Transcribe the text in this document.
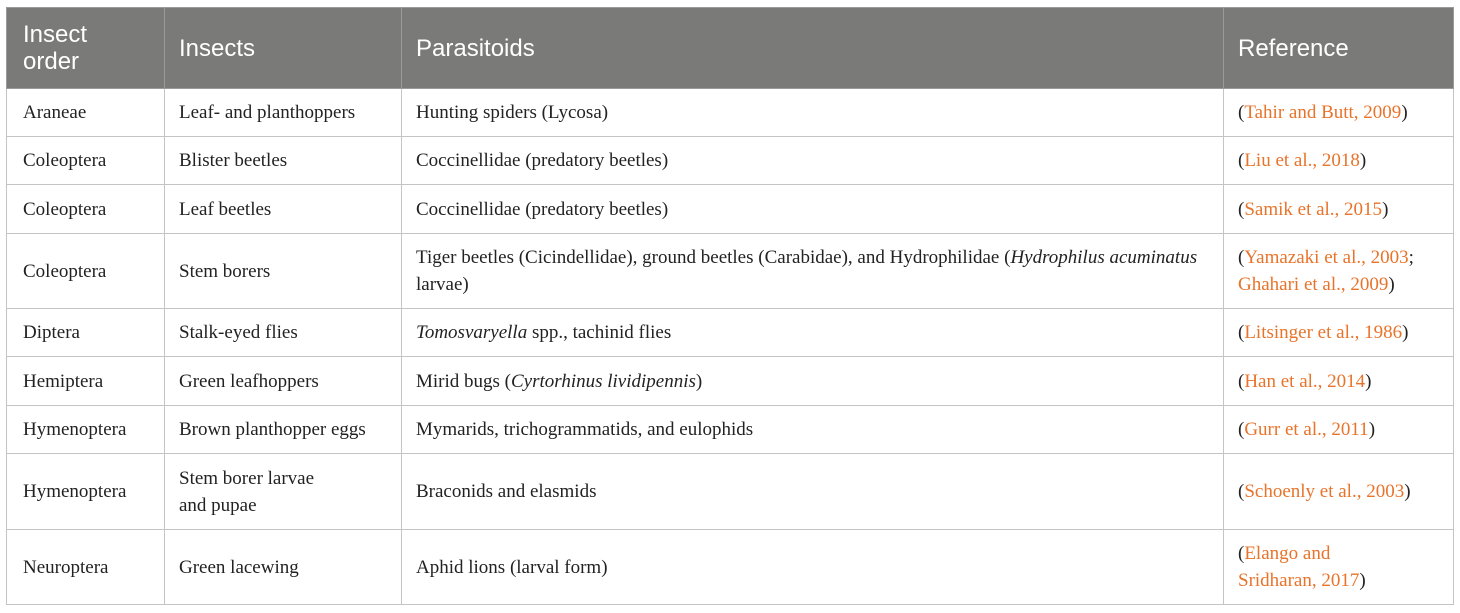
Insect order	Insects	Parasitoids	Reference
Araneae	Leaf- and planthoppers	Hunting spiders (Lycosa)	(Tahir and Butt, 2009)
Coleoptera	Blister beetles	Coccinellidae (predatory beetles)	(Liu et al., 2018)
Coleoptera	Leaf beetles	Coccinellidae (predatory beetles)	(Samik et al., 2015)
Coleoptera	Stem borers	Tiger beetles (Cicindellidae), ground beetles (Carabidae), and Hydrophilidae (Hydrophilus acuminatus larvae)	(Yamazaki et al., 2003; Ghahari et al., 2009)
Diptera	Stalk-eyed flies	Tomosvaryella spp., tachinid flies	(Litsinger et al., 1986)
Hemiptera	Green leafhoppers	Mirid bugs (Cyrtorhinus lividipennis)	(Han et al., 2014)
Hymenoptera	Brown planthopper eggs	Mymarids, trichogrammatids, and eulophids	(Gurr et al., 2011)
Hymenoptera	Stem borer larvae and pupae	Braconids and elasmids	(Schoenly et al., 2003)
Neuroptera	Green lacewing	Aphid lions (larval form)	(Elango and Sridharan, 2017)
